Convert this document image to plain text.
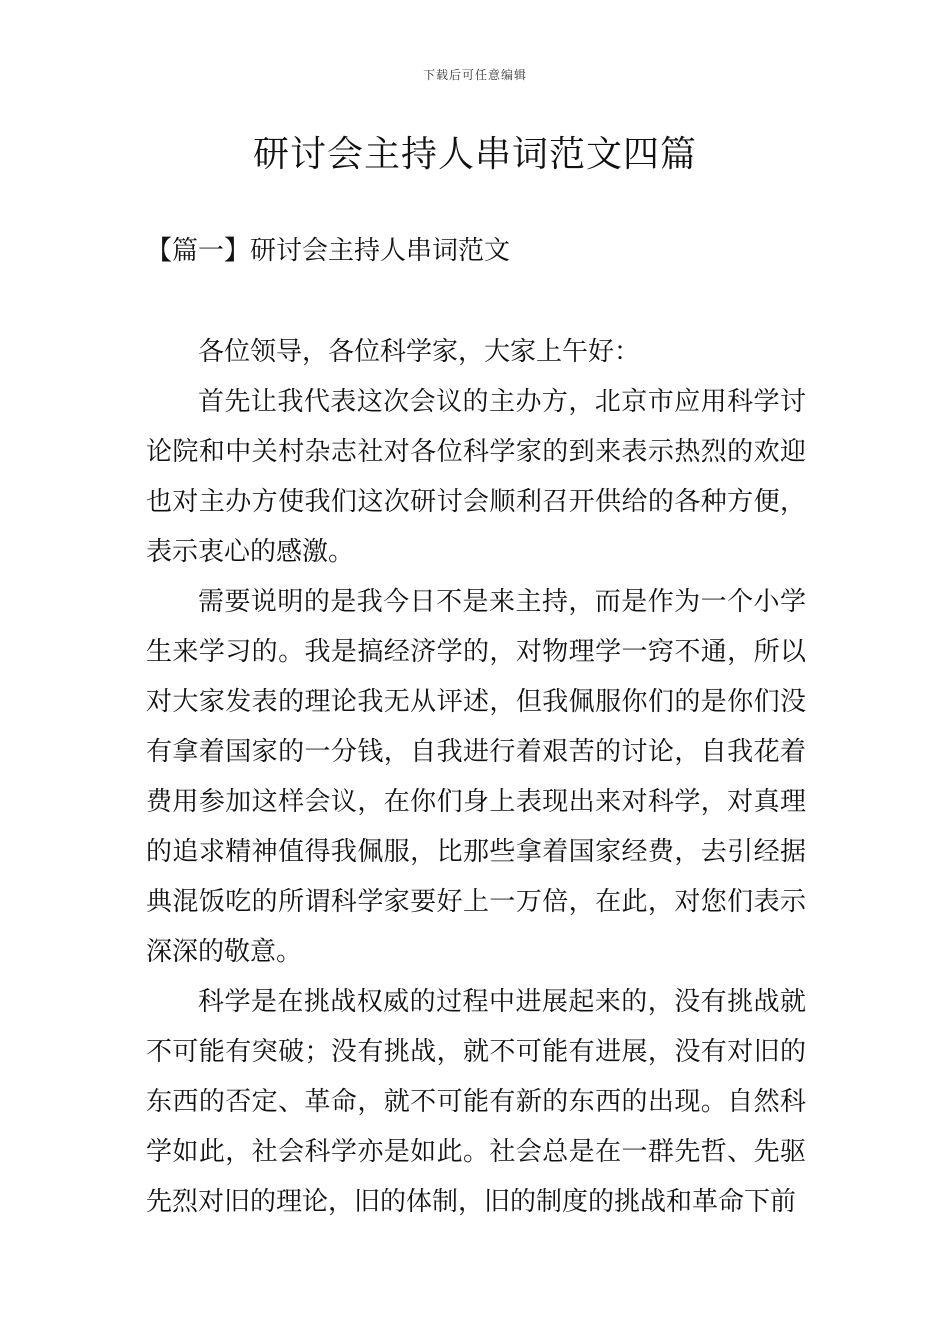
下载后可任意编辑
研讨会主持人串词范文四篇
【篇一】研讨会主持人串词范文

各位领导，各位科学家，大家上午好：

首先让我代表这次会议的主办方，北京市应用科学讨论院和中关村杂志社对各位科学家的到来表示热烈的欢迎也对主办方使我们这次研讨会顺利召开供给的各种方便，表示衷心的感激。

需要说明的是我今日不是来主持，而是作为一个小学生来学习的。我是搞经济学的，对物理学一窍不通，所以对大家发表的理论我无从评述，但我佩服你们的是你们没有拿着国家的一分钱，自我进行着艰苦的讨论，自我花着费用参加这样会议，在你们身上表现出来对科学，对真理的追求精神值得我佩服，比那些拿着国家经费，去引经据典混饭吃的所谓科学家要好上一万倍，在此，对您们表示深深的敬意。

科学是在挑战权威的过程中进展起来的，没有挑战就不可能有突破；没有挑战，就不可能有进展，没有对旧的东西的否定、革命，就不可能有新的东西的出现。自然科学如此，社会科学亦是如此。社会总是在一群先哲、先驱先烈对旧的理论，旧的体制，旧的制度的挑战和革命下前
